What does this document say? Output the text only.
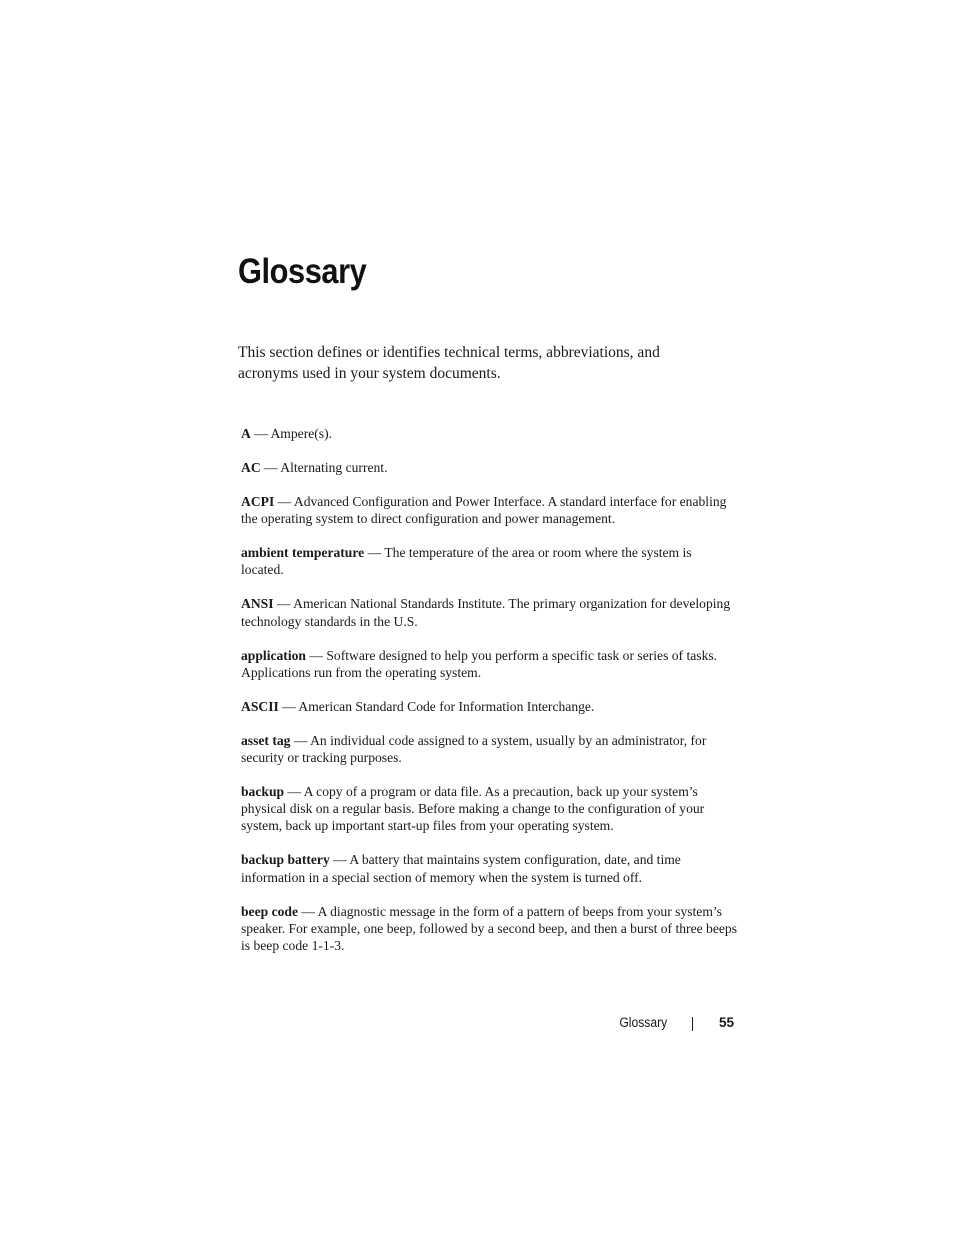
Glossary

This section defines or identifies technical terms, abbreviations, and acronyms used in your system documents.

A — Ampere(s).
AC — Alternating current.
ACPI — Advanced Configuration and Power Interface. A standard interface for enabling the operating system to direct configuration and power management.
ambient temperature — The temperature of the area or room where the system is located.
ANSI — American National Standards Institute. The primary organization for developing technology standards in the U.S.
application — Software designed to help you perform a specific task or series of tasks. Applications run from the operating system.
ASCII — American Standard Code for Information Interchange.
asset tag — An individual code assigned to a system, usually by an administrator, for security or tracking purposes.
backup — A copy of a program or data file. As a precaution, back up your system’s physical disk on a regular basis. Before making a change to the configuration of your system, back up important start-up files from your operating system.
backup battery — A battery that maintains system configuration, date, and time information in a special section of memory when the system is turned off.
beep code — A diagnostic message in the form of a pattern of beeps from your system’s speaker. For example, one beep, followed by a second beep, and then a burst of three beeps is beep code 1-1-3.
Glossary	55
